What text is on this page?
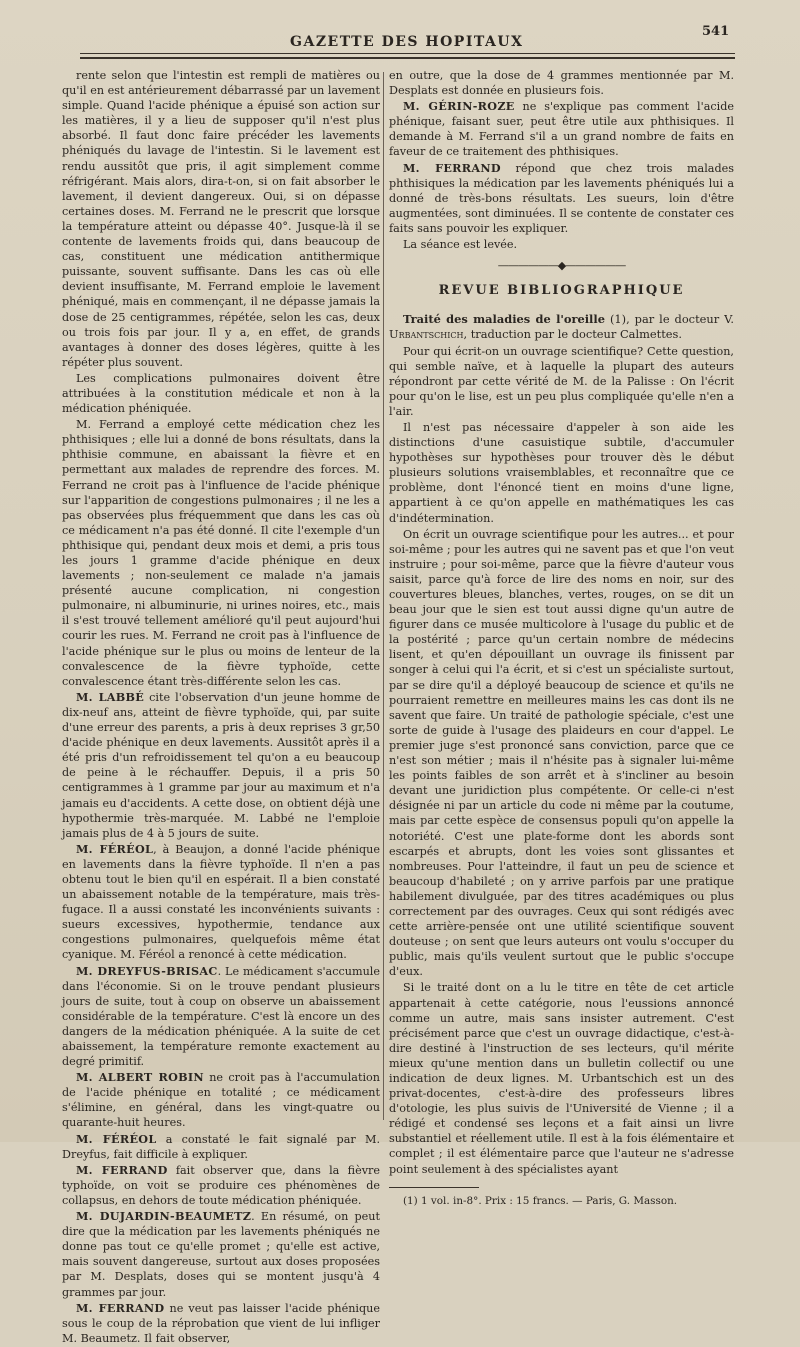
GAZETTE DES HOPITAUX
541

rente selon que l'intestin est rempli de matières ou qu'il en est antérieurement débarrassé par un lavement simple. Quand l'acide phénique a épuisé son action sur les matières, il y a lieu de supposer qu'il n'est plus absorbé. Il faut donc faire précéder les lavements phéniqués du lavage de l'intestin. Si le lavement est rendu aussitôt que pris, il agit simplement comme réfrigérant. Mais alors, dira-t-on, si on fait absorber le lavement, il devient dangereux. Oui, si on dépasse certaines doses. M. Ferrand ne le prescrit que lorsque la température atteint ou dépasse 40°. Jusque-là il se contente de lavements froids qui, dans beaucoup de cas, constituent une médication antithermique puissante, souvent suffisante. Dans les cas où elle devient insuffisante, M. Ferrand emploie le lavement phéniqué, mais en commençant, il ne dépasse jamais la dose de 25 centigrammes, répétée, selon les cas, deux ou trois fois par jour. Il y a, en effet, de grands avantages à donner des doses légères, quitte à les répéter plus souvent.

Les complications pulmonaires doivent être attribuées à la constitution médicale et non à la médication phéniquée.

M. Ferrand a employé cette médication chez les phthisiques ; elle lui a donné de bons résultats, dans la phthisie commune, en abaissant la fièvre et en permettant aux malades de reprendre des forces. M. Ferrand ne croit pas à l'influence de l'acide phénique sur l'apparition de congestions pulmonaires ; il ne les a pas observées plus fréquemment que dans les cas où ce médicament n'a pas été donné. Il cite l'exemple d'un phthisique qui, pendant deux mois et demi, a pris tous les jours 1 gramme d'acide phénique en deux lavements ; non-seulement ce malade n'a jamais présenté aucune complication, ni congestion pulmonaire, ni albuminurie, ni urines noires, etc., mais il s'est trouvé tellement amélioré qu'il peut aujourd'hui courir les rues. M. Ferrand ne croit pas à l'influence de l'acide phénique sur le plus ou moins de lenteur de la convalescence de la fièvre typhoïde, cette convalescence étant très-différente selon les cas.

M. LABBÉ cite l'observation d'un jeune homme de dix-neuf ans, atteint de fièvre typhoïde, qui, par suite d'une erreur des parents, a pris à deux reprises 3 gr,50 d'acide phénique en deux lavements. Aussitôt après il a été pris d'un refroidissement tel qu'on a eu beaucoup de peine à le réchauffer. Depuis, il a pris 50 centigrammes à 1 gramme par jour au maximum et n'a jamais eu d'accidents. A cette dose, on obtient déjà une hypothermie très-marquée. M. Labbé ne l'emploie jamais plus de 4 à 5 jours de suite.

M. FÉRÉOL, à Beaujon, a donné l'acide phénique en lavements dans la fièvre typhoïde. Il n'en a pas obtenu tout le bien qu'il en espérait. Il a bien constaté un abaissement notable de la température, mais très-fugace. Il a aussi constaté les inconvénients suivants : sueurs excessives, hypothermie, tendance aux congestions pulmonaires, quelquefois même état cyanique. M. Féréol a renoncé à cette médication.

M. DREYFUS-BRISAC. Le médicament s'accumule dans l'économie. Si on le trouve pendant plusieurs jours de suite, tout à coup on observe un abaissement considérable de la température. C'est là encore un des dangers de la médication phéniquée. A la suite de cet abaissement, la température remonte exactement au degré primitif.

M. ALBERT ROBIN ne croit pas à l'accumulation de l'acide phénique en totalité ; ce médicament s'élimine, en général, dans les vingt-quatre ou quarante-huit heures.

M. FÉRÉOL a constaté le fait signalé par M. Dreyfus, fait difficile à expliquer.

M. FERRAND fait observer que, dans la fièvre typhoïde, on voit se produire ces phénomènes de collapsus, en dehors de toute médication phéniquée.

M. DUJARDIN-BEAUMETZ. En résumé, on peut dire que la médication par les lavements phéniqués ne donne pas tout ce qu'elle promet ; qu'elle est active, mais souvent dangereuse, surtout aux doses proposées par M. Desplats, doses qui se montent jusqu'à 4 grammes par jour.

M. FERRAND ne veut pas laisser l'acide phénique sous le coup de la réprobation que vient de lui infliger M. Beaumetz. Il fait observer,

en outre, que la dose de 4 grammes mentionnée par M. Desplats est donnée en plusieurs fois.

M. GÉRIN-ROZE ne s'explique pas comment l'acide phénique, faisant suer, peut être utile aux phthisiques. Il demande à M. Ferrand s'il a un grand nombre de faits en faveur de ce traitement des phthisiques.

M. FERRAND répond que chez trois malades phthisiques la médication par les lavements phéniqués lui a donné de très-bons résultats. Les sueurs, loin d'être augmentées, sont diminuées. Il se contente de constater ces faits sans pouvoir les expliquer.

La séance est levée.

——————◆——————
REVUE BIBLIOGRAPHIQUE

Traité des maladies de l'oreille (1), par le docteur V. Urbantschich, traduction par le docteur Calmettes.

Pour qui écrit-on un ouvrage scientifique? Cette question, qui semble naïve, et à laquelle la plupart des auteurs répondront par cette vérité de M. de la Palisse : On l'écrit pour qu'on le lise, est un peu plus compliquée qu'elle n'en a l'air.

Il n'est pas nécessaire d'appeler à son aide les distinctions d'une casuistique subtile, d'accumuler hypothèses sur hypothèses pour trouver dès le début plusieurs solutions vraisemblables, et reconnaître que ce problème, dont l'énoncé tient en moins d'une ligne, appartient à ce qu'on appelle en mathématiques les cas d'indétermination.

On écrit un ouvrage scientifique pour les autres... et pour soi-même ; pour les autres qui ne savent pas et que l'on veut instruire ; pour soi-même, parce que la fièvre d'auteur vous saisit, parce qu'à force de lire des noms en noir, sur des couvertures bleues, blanches, vertes, rouges, on se dit un beau jour que le sien est tout aussi digne qu'un autre de figurer dans ce musée multicolore à l'usage du public et de la postérité ; parce qu'un certain nombre de médecins lisent, et qu'en dépouillant un ouvrage ils finissent par songer à celui qui l'a écrit, et si c'est un spécialiste surtout, par se dire qu'il a déployé beaucoup de science et qu'ils ne pourraient remettre en meilleures mains les cas dont ils ne savent que faire. Un traité de pathologie spéciale, c'est une sorte de guide à l'usage des plaideurs en cour d'appel. Le premier juge s'est prononcé sans conviction, parce que ce n'est son métier ; mais il n'hésite pas à signaler lui-même les points faibles de son arrêt et à s'incliner au besoin devant une juridiction plus compétente. Or celle-ci n'est désignée ni par un article du code ni même par la coutume, mais par cette espèce de consensus populi qu'on appelle la notoriété. C'est une plate-forme dont les abords sont escarpés et abrupts, dont les voies sont glissantes et nombreuses. Pour l'atteindre, il faut un peu de science et beaucoup d'habileté ; on y arrive parfois par une pratique habilement divulguée, par des titres académiques ou plus correctement par des ouvrages. Ceux qui sont rédigés avec cette arrière-pensée ont une utilité scientifique souvent douteuse ; on sent que leurs auteurs ont voulu s'occuper du public, mais qu'ils veulent surtout que le public s'occupe d'eux.

Si le traité dont on a lu le titre en tête de cet article appartenait à cette catégorie, nous l'eussions annoncé comme un autre, mais sans insister autrement. C'est précisément parce que c'est un ouvrage didactique, c'est-à-dire destiné à l'instruction de ses lecteurs, qu'il mérite mieux qu'une mention dans un bulletin collectif ou une indication de deux lignes. M. Urbantschich est un des privat-docentes, c'est-à-dire des professeurs libres d'otologie, les plus suivis de l'Université de Vienne ; il a rédigé et condensé ses leçons et a fait ainsi un livre substantiel et réellement utile. Il est à la fois élémentaire et complet ; il est élémentaire parce que l'auteur ne s'adresse point seulement à des spécialistes ayant

(1) 1 vol. in-8°. Prix : 15 francs. — Paris, G. Masson.
